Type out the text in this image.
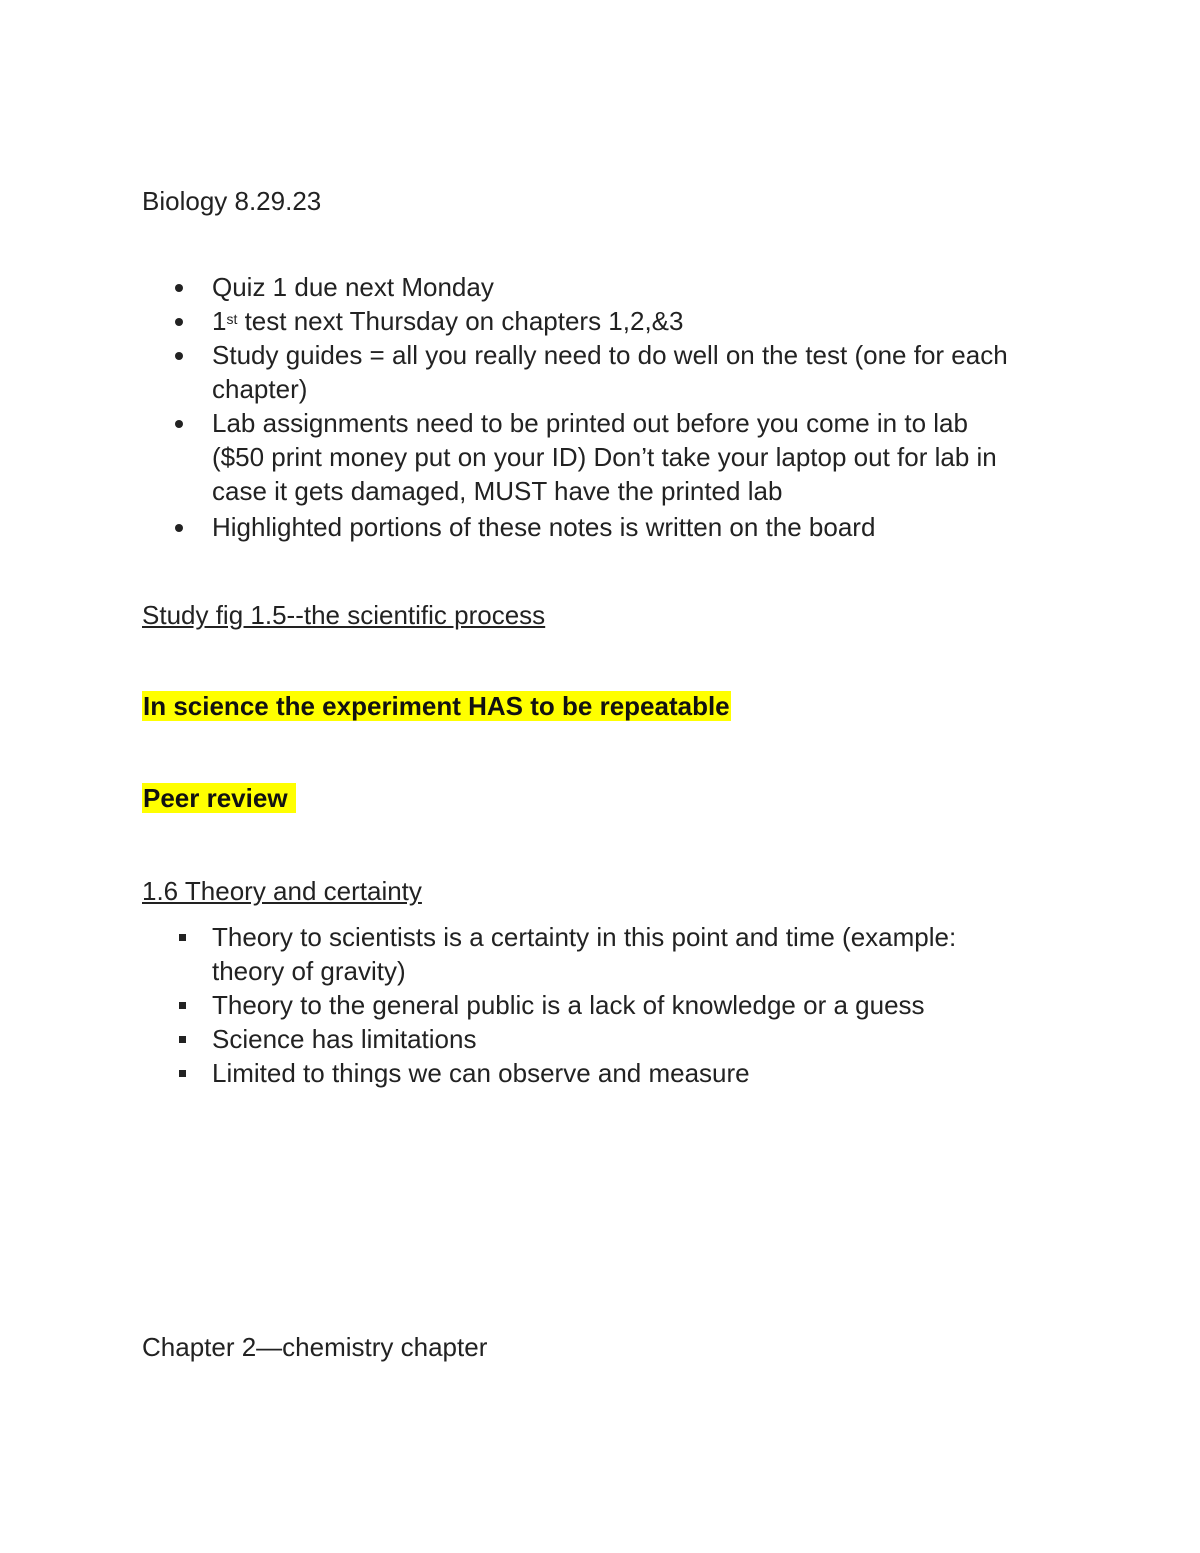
Biology 8.29.23
Quiz 1 due next Monday
1st test next Thursday on chapters 1,2,&3
Study guides = all you really need to do well on the test (one for each
chapter)
Lab assignments need to be printed out before you come in to lab
($50 print money put on your ID) Don’t take your laptop out for lab in
case it gets damaged, MUST have the printed lab
Highlighted portions of these notes is written on the board
Study fig 1.5--the scientific process
In science the experiment HAS to be repeatable
Peer review
1.6 Theory and certainty
Theory to scientists is a certainty in this point and time (example:
theory of gravity)
Theory to the general public is a lack of knowledge or a guess
Science has limitations
Limited to things we can observe and measure
Chapter 2—chemistry chapter
